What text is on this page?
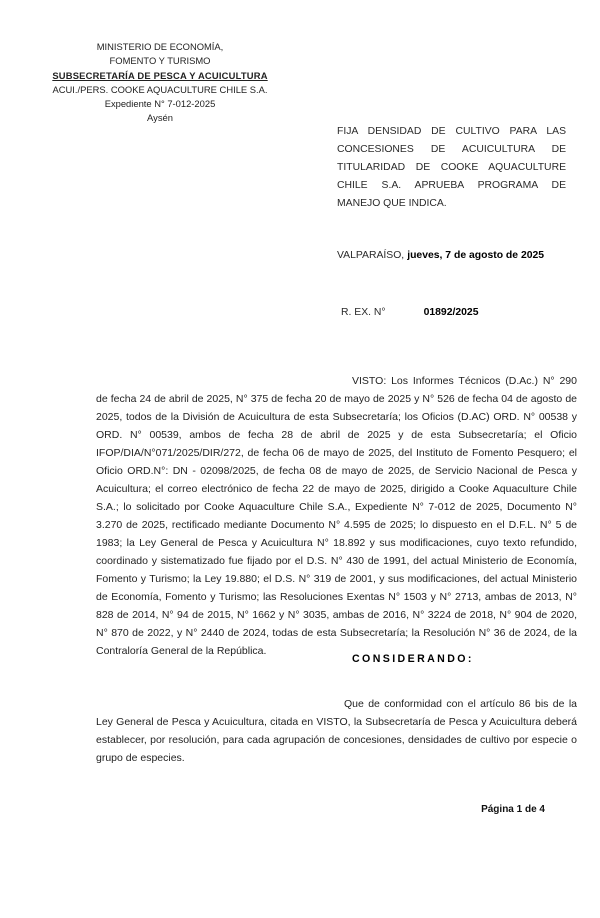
MINISTERIO DE ECONOMÍA,
FOMENTO Y TURISMO
SUBSECRETARÍA DE PESCA Y ACUICULTURA
ACUI./PERS. COOKE AQUACULTURE CHILE S.A.
Expediente N° 7-012-2025
Aysén
FIJA DENSIDAD DE CULTIVO PARA LAS CONCESIONES DE ACUICULTURA DE TITULARIDAD DE COOKE AQUACULTURE CHILE S.A. APRUEBA PROGRAMA DE MANEJO QUE INDICA.
VALPARAÍSO, jueves, 7 de agosto de 2025
R. EX. N°	01892/2025
VISTO: Los Informes Técnicos (D.Ac.) N° 290 de fecha 24 de abril de 2025, N° 375 de fecha 20 de mayo de 2025 y N° 526 de fecha 04 de agosto de 2025, todos de la División de Acuicultura de esta Subsecretaría; los Oficios (D.AC) ORD. N° 00538 y ORD. N° 00539, ambos de fecha 28 de abril de 2025 y de esta Subsecretaría; el Oficio IFOP/DIA/N°071/2025/DIR/272, de fecha 06 de mayo de 2025, del Instituto de Fomento Pesquero; el Oficio ORD.N°: DN - 02098/2025, de fecha 08 de mayo de 2025, de Servicio Nacional de Pesca y Acuicultura; el correo electrónico de fecha 22 de mayo de 2025, dirigido a Cooke Aquaculture Chile S.A.; lo solicitado por Cooke Aquaculture Chile S.A., Expediente N° 7-012 de 2025, Documento N° 3.270 de 2025, rectificado mediante Documento N° 4.595 de 2025; lo dispuesto en el D.F.L. N° 5 de 1983; la Ley General de Pesca y Acuicultura N° 18.892 y sus modificaciones, cuyo texto refundido, coordinado y sistematizado fue fijado por el D.S. N° 430 de 1991, del actual Ministerio de Economía, Fomento y Turismo; la Ley 19.880; el D.S. N° 319 de 2001, y sus modificaciones, del actual Ministerio de Economía, Fomento y Turismo; las Resoluciones Exentas N° 1503 y N° 2713, ambas de 2013, N° 828 de 2014, N° 94 de 2015, N° 1662 y N° 3035, ambas de 2016, N° 3224 de 2018, N° 904 de 2020, N° 870 de 2022, y N° 2440 de 2024, todas de esta Subsecretaría; la Resolución N° 36 de 2024, de la Contraloría General de la República.
CONSIDERANDO:
Que de conformidad con el artículo 86 bis de la Ley General de Pesca y Acuicultura, citada en VISTO, la Subsecretaría de Pesca y Acuicultura deberá establecer, por resolución, para cada agrupación de concesiones, densidades de cultivo por especie o grupo de especies.
Página 1 de 4
